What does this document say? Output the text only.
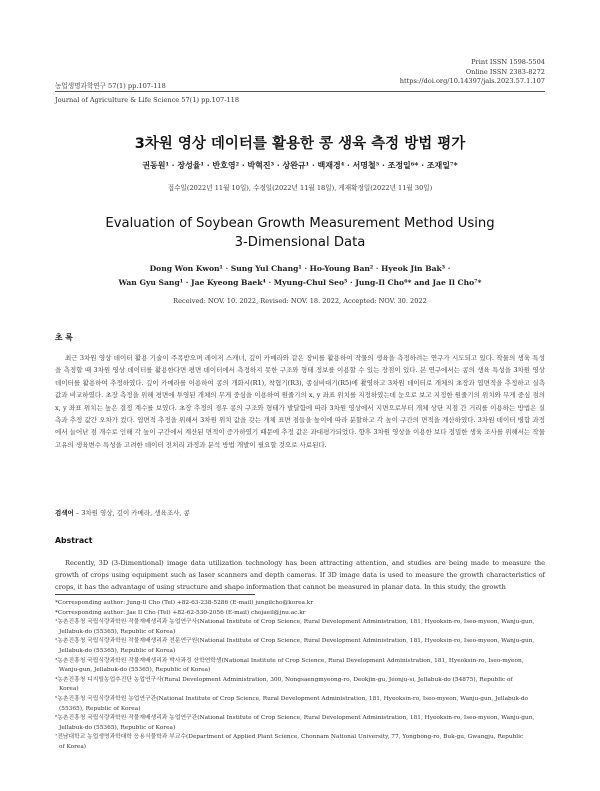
Print ISSN 1598-5504
Online ISSN 2383-8272
https://doi.org/10.14397/jals.2023.57.1.107
농업생명과학연구 57(1) pp.107-118
Journal of Agriculture & Life Science 57(1) pp.107-118
3차원 영상 데이터를 활용한 콩 생육 측정 방법 평가
권동원¹ · 장성율¹ · 반호영² · 박혁진³ · 상완규¹ · 백재경⁴ · 서명철⁵ · 조정일⁶* · 조재일⁷*
접수일(2022년 11월 10일), 수정일(2022년 11월 18일), 게재확정일(2022년 11월 30일)
Evaluation of Soybean Growth Measurement Method Using
3-Dimensional Data
Dong Won Kwon¹ · Sung Yul Chang¹ · Ho-Young Ban² · Hyeok Jin Bak³ ·
Wan Gyu Sang¹ · Jae Kyeong Baek⁴ · Myung-Chul Seo⁵ · Jung-Il Cho⁶* and Jae Il Cho⁷*
Received: NOV. 10. 2022, Revised: NOV. 18. 2022, Accepted: NOV. 30. 2022
초 록
최근 3차원 영상 데이터 활용 기술이 주목받으며 레이저 스캐너, 깊이 카메라와 같은 장비를 활용하여 작물의 생육을 측정하려는 연구가 시도되고 있다. 작물의 생육 특성을 측정할 때 3차원 영상 데이터를 활용한다면 평면 데이터에서 측정하지 못한 구조와 형태 정보를 이용할 수 있는 장점이 있다. 본 연구에서는 콩의 생육 특성을 3차원 영상 데이터를 활용하여 추정하였다. 깊이 카메라를 이용하여 콩의 개화시(R1), 착협기(R3), 종실비대기(R5)에 촬영하고 3차원 데이터로 개체의 초장과 엽면적을 추정하고 실측 값과 비교하였다. 초장 측정을 위해 평면에 투영된 개체의 무게 중심을 이용하여 원줄기의 x, y 좌표 위치를 지정하였는데 눈으로 보고 지정한 원줄기의 위치와 무게 중심 점의 x, y 좌표 위치는 높은 결정 계수를 보였다. 초장 추정의 경우 콩의 구조와 형태가 발달함에 따라 3차원 영상에서 지면으로부터 개체 상단 지점 간 거리를 이용하는 방법은 실측과 추정 값간 오차가 컸다. 엽면적 추정을 위해서 3차원 위치 값을 갖는 개체 표면 점들을 높이에 따라 분할하고 각 높이 구간의 면적을 계산하였다. 3차원 데이터 병합 과정에서 늘어난 점 개수로 인해 각 높이 구간에서 계산된 면적이 증가하였기 때문에 추정 값은 과대평가되었다. 향후 3차원 영상을 이용한 보다 정밀한 생육 조사를 위해서는 작물 고유의 생육변수 특성을 고려한 데이터 전처리 과정과 분석 방법 개발이 필요할 것으로 사료된다.
검색어 – 3차원 영상, 깊이 카메라, 생육조사, 콩
Abstract
Recently, 3D (3-Dimentional) image data utilization technology has been attracting attention, and studies are being made to measure the growth of crops using equipment such as laser scanners and depth cameras. If 3D image data is used to measure the growth characteristics of crops, it has the advantage of using structure and shape information that cannot be measured in planar data. In this study, the growth

*Corresponding author: Jung-Il Cho (Tel) +82-63-238-5286 (E-mail) jungilcho@korea.kr

*Corresponding author: Jae Il Cho (Tel) +82-62-530-2056 (E-mail) chojaeil@jnu.ac.kr

¹농촌진흥청 국립식량과학원 작물재배생리과 농업연구사(National Institute of Crop Science, Rural Development Administration, 181, Hyeoksin-ro, Iseo-myeon, Wanju-gun,

Jellabuk-do (55365), Republic of Korea)

²농촌진흥청 국립식량과학원 작물재배생리과 전문연구원(National Institute of Crop Science, Rural Development Administration, 181, Hyeoksin-ro, Iseo-myeon, Wanju-gun,

Jellabuk-do (55365), Republic of Korea)

³농촌진흥청 국립식량과학원 작물재배생리과 박사과정 산학연학생(National Institute of Crop Science, Rural Development Administration, 181, Hyeoksin-ro, Iseo-myeon,

Wanju-gun, Jellabuk-do (55365), Republic of Korea)

⁴농촌진흥청 디지털농업추진단 농업연구사(Rural Development Administration, 300, Nongsaengmyeong-ro, Deokjin-gu, Jeonju-si, Jellabuk-do (54875), Republic of

Korea)

⁵농촌진흥청 국립식량과학원 농업연구관(National Institute of Crop Science, Rural Development Administration, 181, Hyeoksin-ro, Iseo-myeon, Wanju-gun, Jellabuk-do

(55365), Republic of Korea)

⁶농촌진흥청 국립식량과학원 작물재배생리과 농업연구관(National Institute of Crop Science, Rural Development Administration, 181, Hyeoksin-ro, Iseo-myeon, Wanju-gun,

Jellabuk-do (55365), Republic of Korea)

⁷전남대학교 농업생명과학대학 응용식물학과 부교수(Department of Applied Plant Science, Chonnam National University, 77, Yongbong-ro, Buk-gu, Gwangju, Republic

of Korea)
